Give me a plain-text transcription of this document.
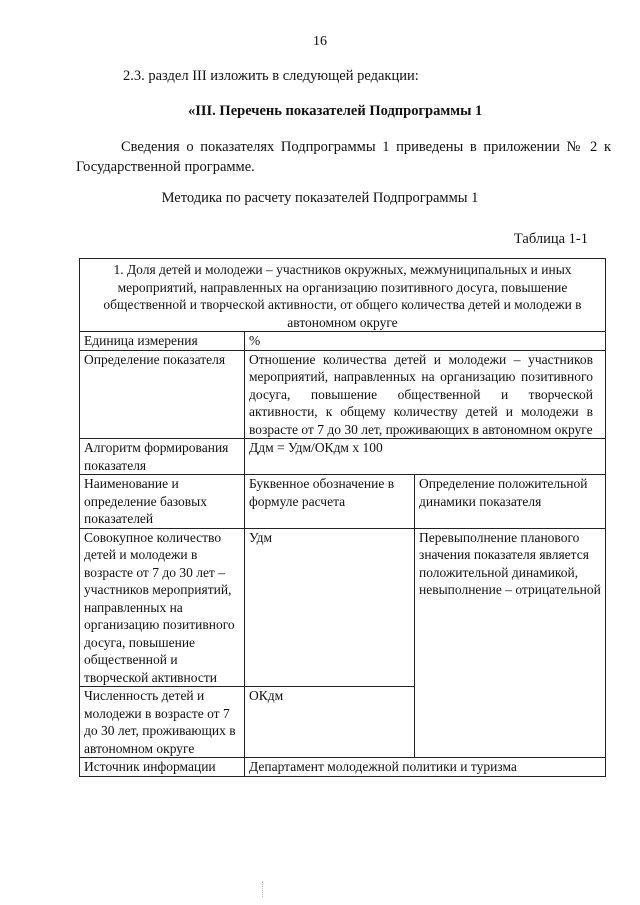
16
2.3. раздел III изложить в следующей редакции:
«III. Перечень показателей Подпрограммы 1
Сведения о показателях Подпрограммы 1 приведены в приложении № 2 к Государственной программе.
Методика по расчету показателей Подпрограммы 1
Таблица 1-1
1. Доля детей и молодежи – участников окружных, межмуниципальных и иных мероприятий, направленных на организацию позитивного досуга, повышение общественной и творческой активности, от общего количества детей и молодежи в автономном округе		
Единица измерения	%	
Определение показателя	Отношение количества детей и молодежи – участников мероприятий, направленных на организацию позитивного досуга, повышение общественной и творческой активности, к общему количеству детей и молодежи в возрасте от 7 до 30 лет, проживающих в автономном округе	
Алгоритм формирования показателя	Ддм = Удм/ОКдм х 100	
Наименование и определение базовых показателей	Буквенное обозначение в формуле расчета	Определение положительной динамики показателя
Совокупное количество детей и молодежи в возрасте от 7 до 30 лет – участников мероприятий, направленных на организацию позитивного досуга, повышение общественной и творческой активности	Удм	Перевыполнение планового значения показателя является положительной динамикой, невыполнение – отрицательной
Численность детей и молодежи в возрасте от 7 до 30 лет, проживающих в автономном округе	ОКдм	
Источник информации	Департамент молодежной политики и туризма	
